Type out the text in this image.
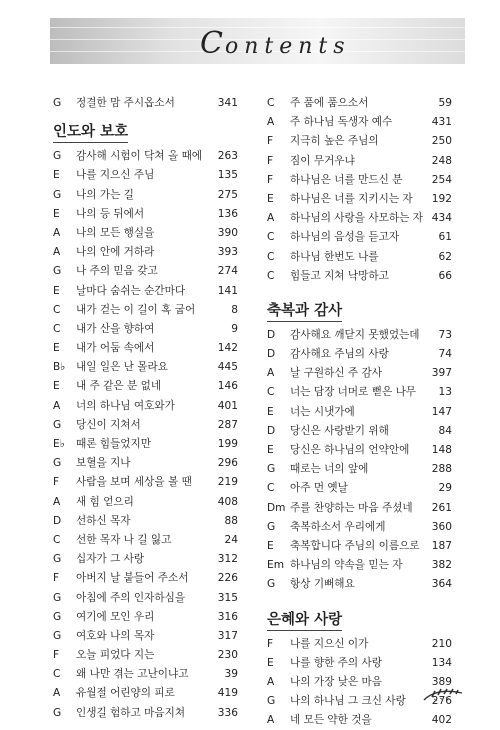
Contents
G	정결한 맘 주시옵소서	341
인도와 보호
G	감사해 시험이 닥쳐 올 때에	263
E	나를 지으신 주님	135
G	나의 가는 길	275
E	나의 등 뒤에서	136
A	나의 모든 행실을	390
A	나의 안에 거하라	393
G	나 주의 믿음 갖고	274
E	날마다 숨쉬는 순간마다	141
C	내가 걷는 이 길이 혹 굽어	8
C	내가 산을 향하여	9
E	내가 어둠 속에서	142
B♭	내일 일은 난 몰라요	445
E	내 주 같은 분 없네	146
A	너의 하나님 여호와가	401
G	당신이 지쳐서	287
E♭	때론 힘들었지만	199
G	보혈을 지나	296
F	사람을 보며 세상을 볼 땐	219
A	새 힘 얻으리	408
D	선하신 목자	88
C	선한 목자 나 길 잃고	24
G	십자가 그 사랑	312
F	아버지 날 붙들어 주소서	226
G	아침에 주의 인자하심을	315
G	여기에 모인 우리	316
G	여호와 나의 목자	317
F	오늘 피었다 지는	230
C	왜 나만 겪는 고난이냐고	39
A	유월절 어린양의 피로	419
G	인생길 험하고 마음지쳐	336
C	주 품에 품으소서	59
A	주 하나님 독생자 예수	431
F	지극히 높은 주님의	250
F	짐이 무거우냐	248
F	하나님은 너를 만드신 분	254
E	하나님은 너를 지키시는 자	192
A	하나님의 사랑을 사모하는 자 434
C	하나님의 음성을 듣고자	61
C	하나님 한번도 나를	62
C	힘들고 지쳐 낙망하고	66
축복과 감사
D	감사해요 깨닫지 못했었는데	73
D	감사해요 주님의 사랑	74
A	날 구원하신 주 감사	397
C	너는 담장 너머로 뻗은 나무	13
E	너는 시냇가에	147
D	당신은 사랑받기 위해	84
E	당신은 하나님의 언약안에	148
G	때로는 너의 앞에	288
C	아주 먼 옛날	29
Dm 주를 찬양하는 마음 주셨네	261
G	축복하소서 우리에게	360
E	축복합니다 주님의 이름으로	187
Em 하나님의 약속을 믿는 자	382
G	항상 기뻐해요	364
은혜와 사랑
F	나를 지으신 이가	210
E	나를 향한 주의 사랑	134
A	나의 가장 낮은 마음	389
G	나의 하나님 그 크신 사랑	276
A	네 모든 약한 것을	402
